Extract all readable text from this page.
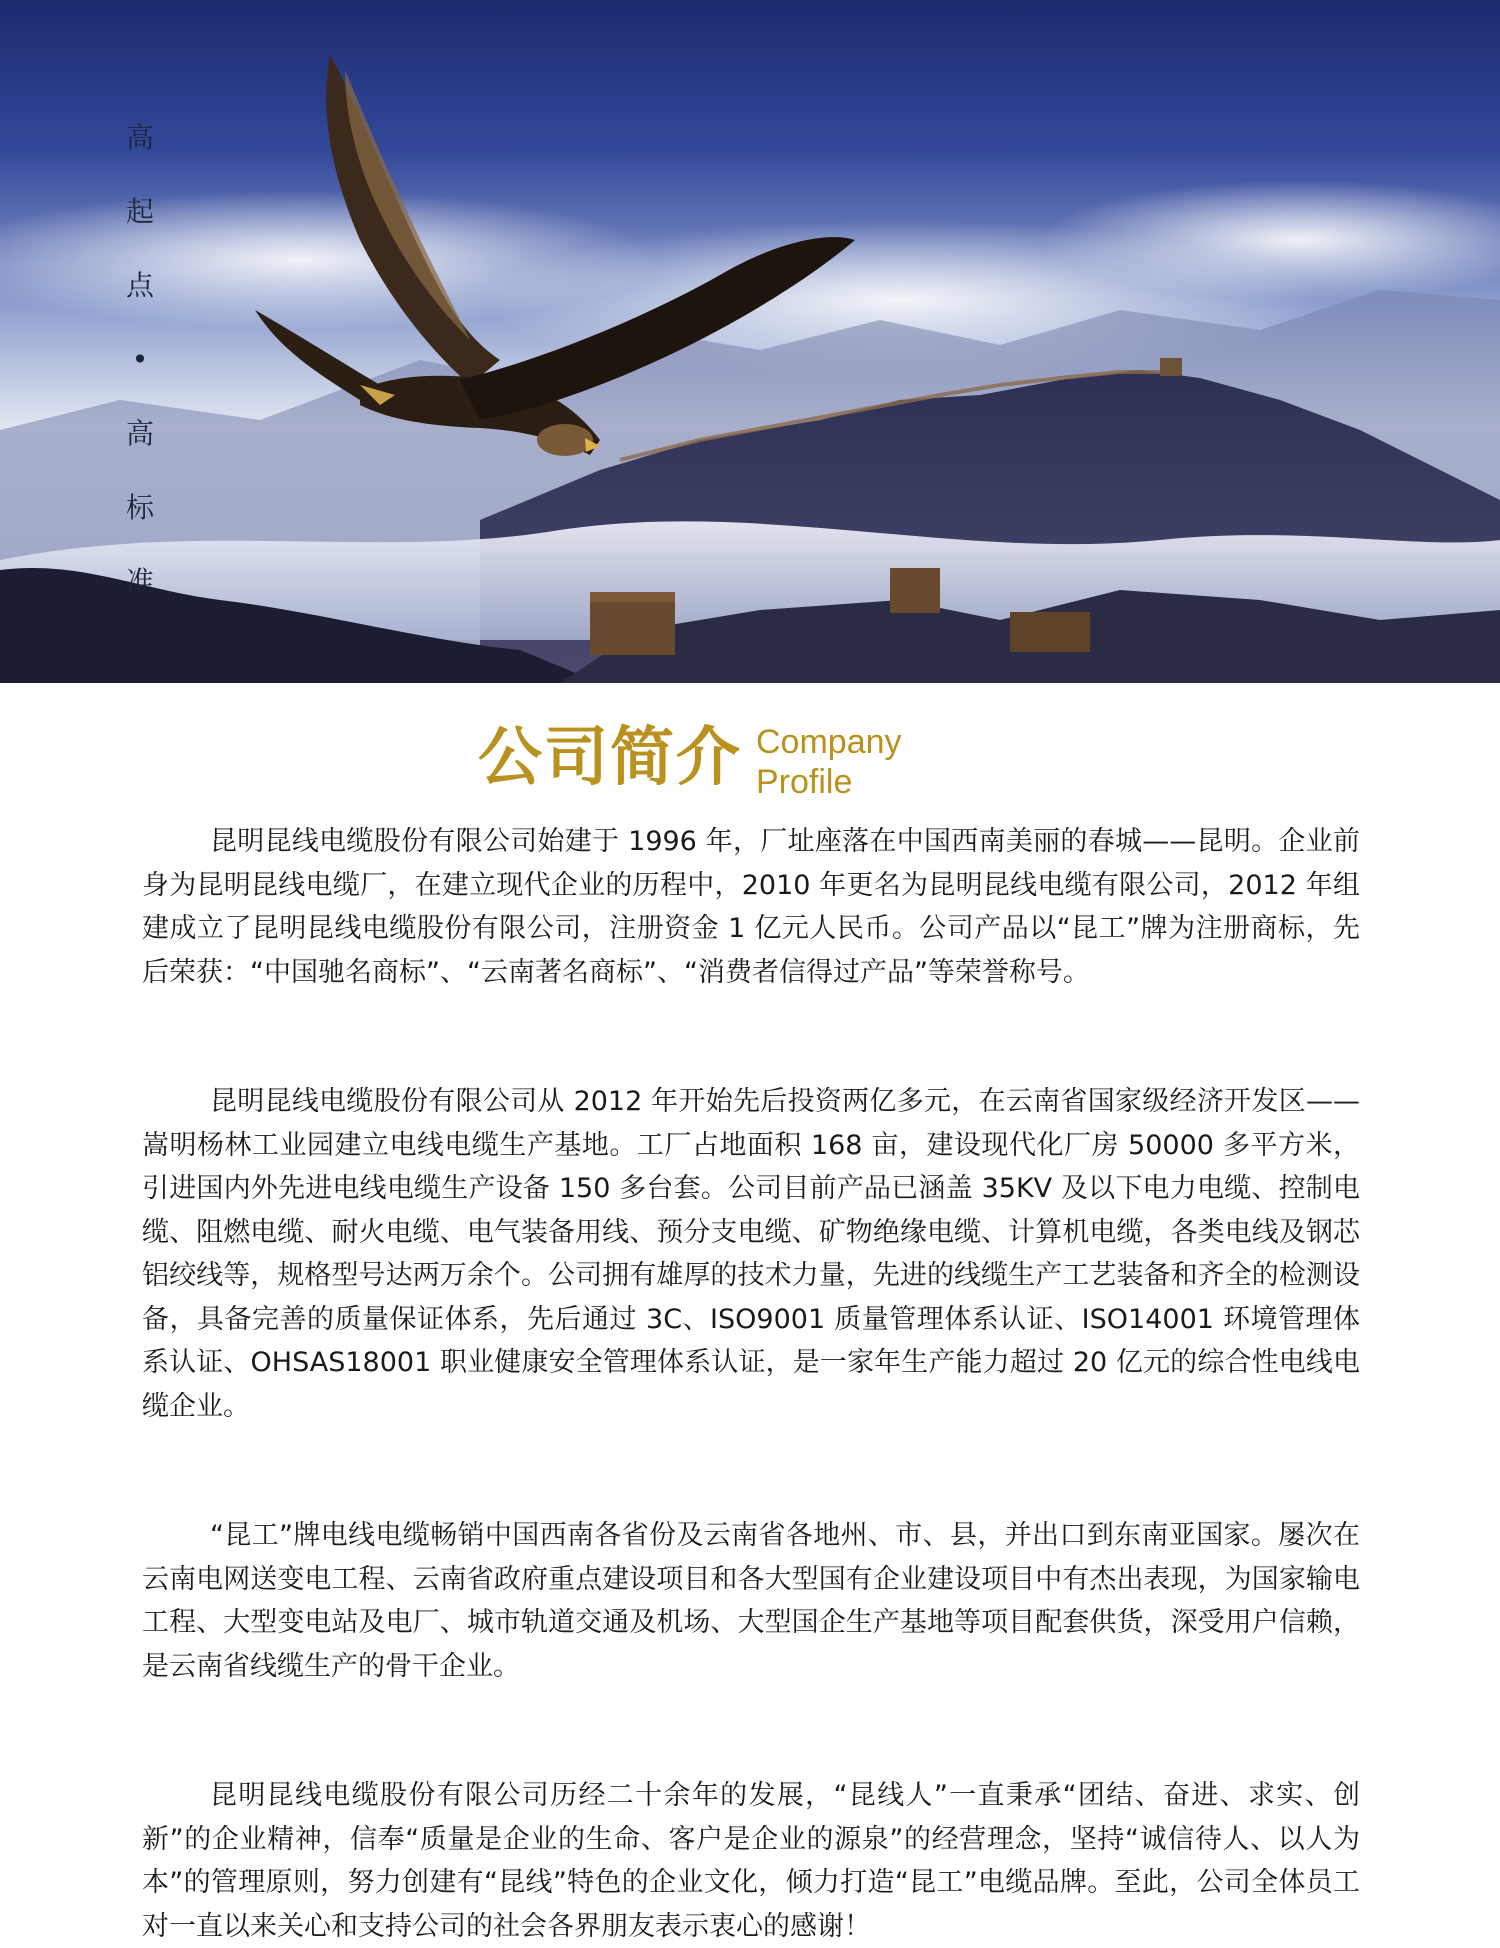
高
起
点
•
高
标
准
公司简介 Company
Profile

昆明昆线电缆股份有限公司始建于 1996 年，厂址座落在中国西南美丽的春城——昆明。企业前身为昆明昆线电缆厂，在建立现代企业的历程中，2010 年更名为昆明昆线电缆有限公司，2012 年组建成立了昆明昆线电缆股份有限公司，注册资金 1 亿元人民币。公司产品以“昆工”牌为注册商标，先后荣获：“中国驰名商标”、“云南著名商标”、“消费者信得过产品”等荣誉称号。

昆明昆线电缆股份有限公司从 2012 年开始先后投资两亿多元，在云南省国家级经济开发区——嵩明杨林工业园建立电线电缆生产基地。工厂占地面积 168 亩，建设现代化厂房 50000 多平方米，引进国内外先进电线电缆生产设备 150 多台套。公司目前产品已涵盖 35KV 及以下电力电缆、控制电缆、阻燃电缆、耐火电缆、电气装备用线、预分支电缆、矿物绝缘电缆、计算机电缆，各类电线及钢芯铝绞线等，规格型号达两万余个。公司拥有雄厚的技术力量，先进的线缆生产工艺装备和齐全的检测设备，具备完善的质量保证体系，先后通过 3C、ISO9001 质量管理体系认证、ISO14001 环境管理体系认证、OHSAS18001 职业健康安全管理体系认证，是一家年生产能力超过 20 亿元的综合性电线电缆企业。

“昆工”牌电线电缆畅销中国西南各省份及云南省各地州、市、县，并出口到东南亚国家。屡次在云南电网送变电工程、云南省政府重点建设项目和各大型国有企业建设项目中有杰出表现，为国家输电工程、大型变电站及电厂、城市轨道交通及机场、大型国企生产基地等项目配套供货，深受用户信赖，是云南省线缆生产的骨干企业。

昆明昆线电缆股份有限公司历经二十余年的发展，“昆线人”一直秉承“团结、奋进、求实、创新”的企业精神，信奉“质量是企业的生命、客户是企业的源泉”的经营理念，坚持“诚信待人、以人为本”的管理原则，努力创建有“昆线”特色的企业文化，倾力打造“昆工”电缆品牌。至此，公司全体员工对一直以来关心和支持公司的社会各界朋友表示衷心的感谢！
